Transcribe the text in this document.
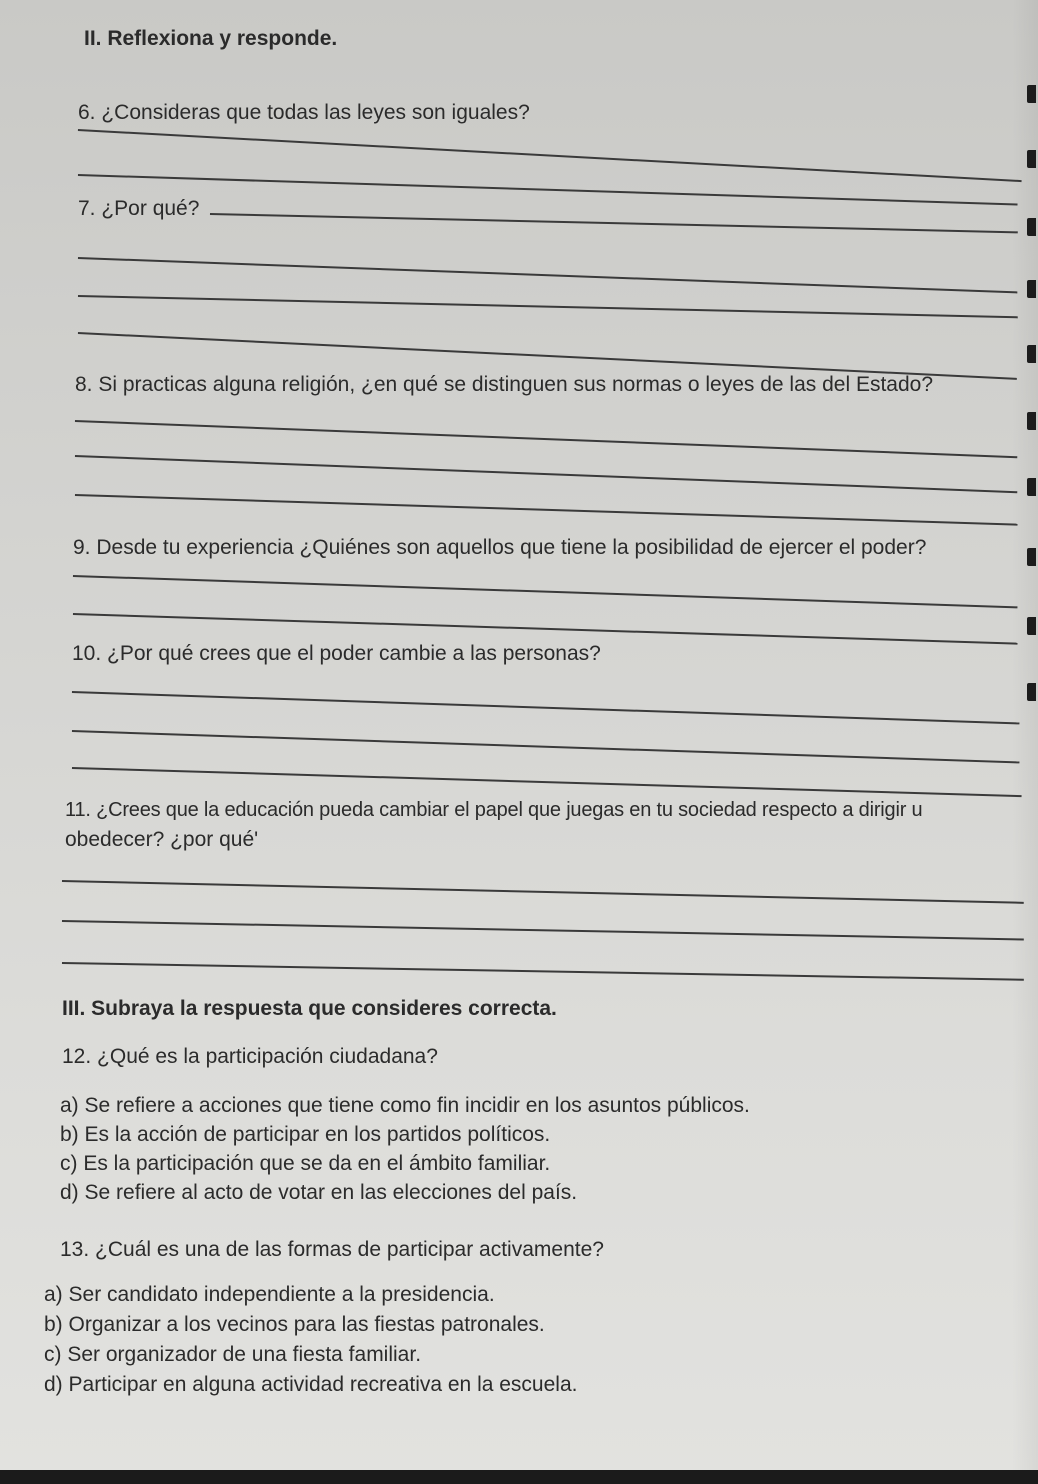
II. Reflexiona y responde.
6. ¿Consideras que todas las leyes son iguales?
7. ¿Por qué?
8. Si practicas alguna religión, ¿en qué se distinguen sus normas o leyes de las del Estado?
9. Desde tu experiencia ¿Quiénes son aquellos que tiene la posibilidad de ejercer el poder?
10. ¿Por qué crees que el poder cambie a las personas?
11. ¿Crees que la educación pueda cambiar el papel que juegas en tu sociedad respecto a dirigir u
obedecer? ¿por qué'
III. Subraya la respuesta que consideres correcta.
12. ¿Qué es la participación ciudadana?
a) Se refiere a acciones que tiene como fin incidir en los asuntos públicos.
b) Es la acción de participar en los partidos políticos.
c) Es la participación que se da en el ámbito familiar.
d) Se refiere al acto de votar en las elecciones del país.
13. ¿Cuál es una de las formas de participar activamente?
a) Ser candidato independiente a la presidencia.
b) Organizar a los vecinos para las fiestas patronales.
c) Ser organizador de una fiesta familiar.
d) Participar en alguna actividad recreativa en la escuela.
